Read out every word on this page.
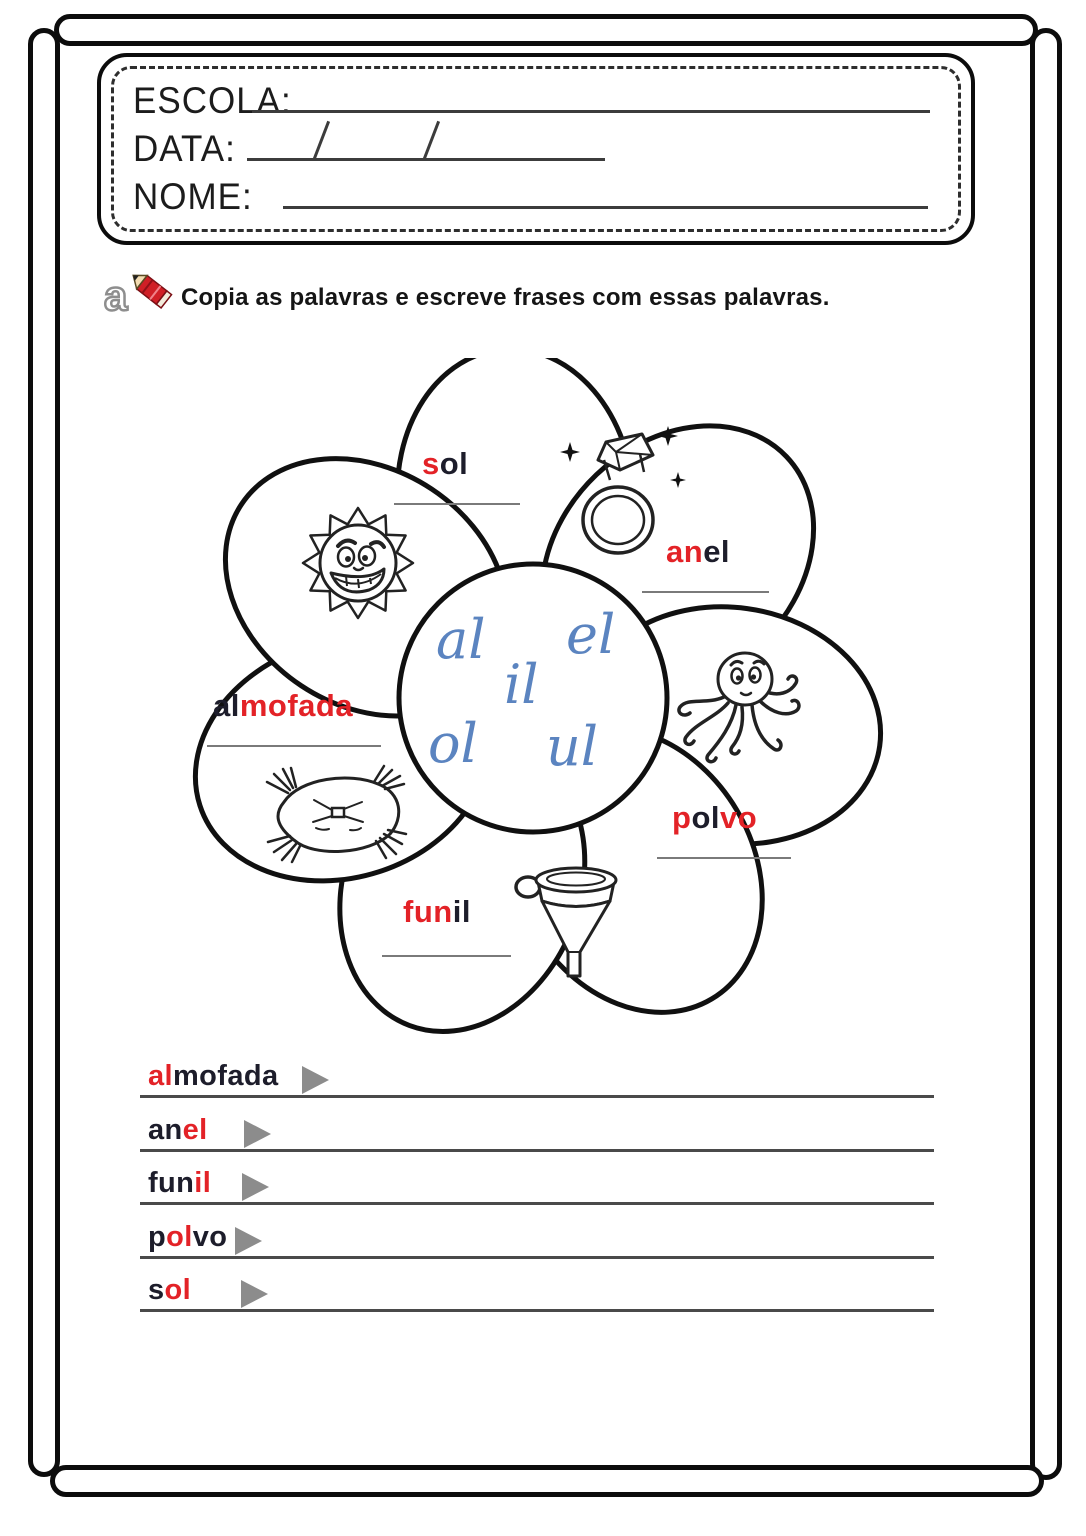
ESCOLA:
DATA:
NOME:
a Copia as palavras e escreve frases com essas palavras.
al el
il
ol ul
sol
anel
almofada
polvo
funil
almofada
anel
funil
polvo
sol
